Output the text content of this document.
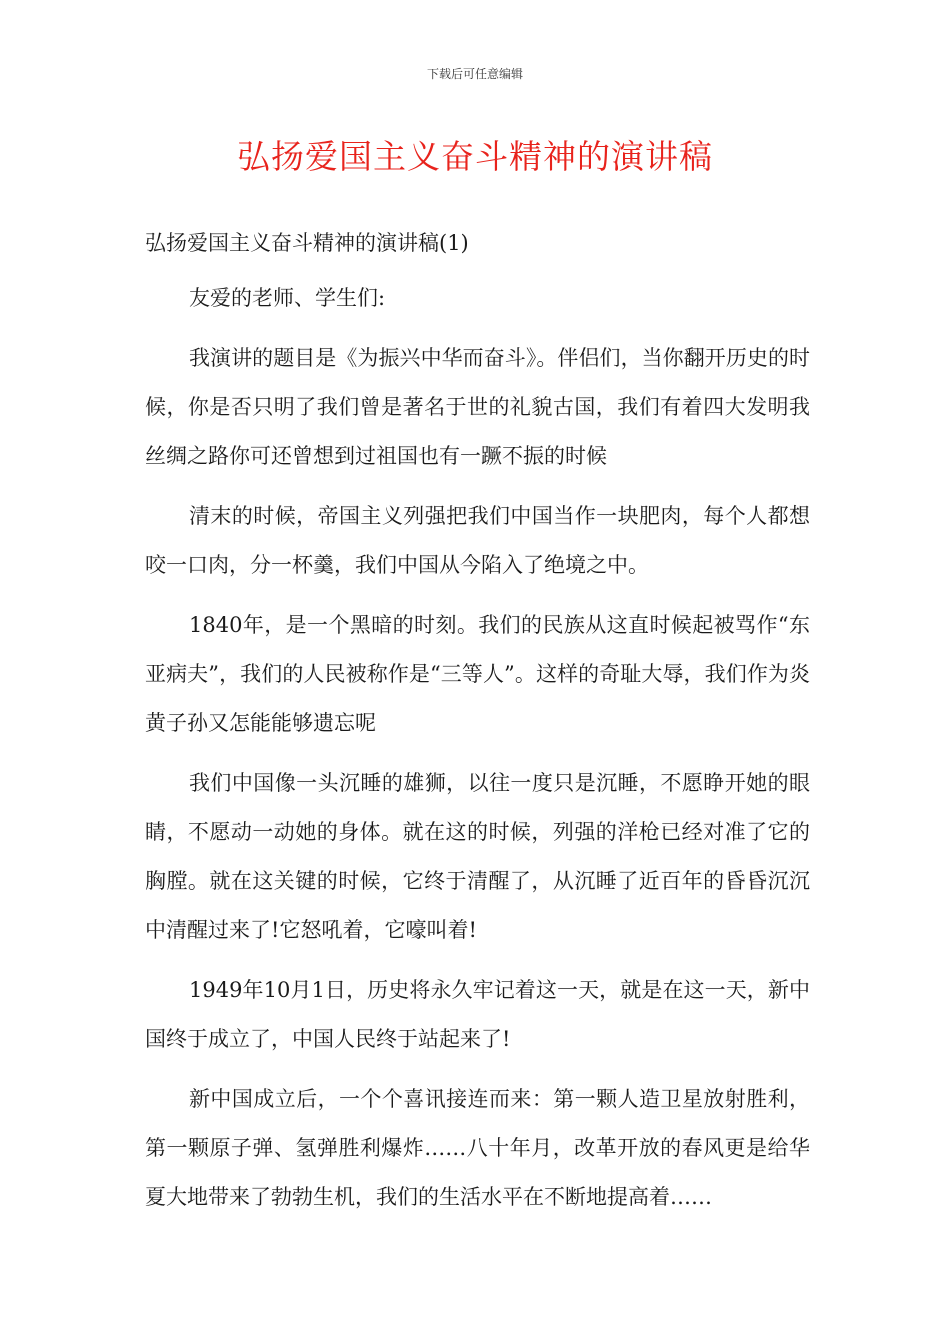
下载后可任意编辑
弘扬爱国主义奋斗精神的演讲稿

弘扬爱国主义奋斗精神的演讲稿(1)

友爱的老师、学生们:

我演讲的题目是《为振兴中华而奋斗》。伴侣们，当你翻开历史的时候，你是否只明了我们曾是著名于世的礼貌古国，我们有着四大发明我丝绸之路你可还曾想到过祖国也有一蹶不振的时候

清末的时候，帝国主义列强把我们中国当作一块肥肉，每个人都想咬一口肉，分一杯羹，我们中国从今陷入了绝境之中。

1840年，是一个黑暗的时刻。我们的民族从这直时候起被骂作“东亚病夫”，我们的人民被称作是“三等人”。这样的奇耻大辱，我们作为炎黄子孙又怎能能够遗忘呢

我们中国像一头沉睡的雄狮，以往一度只是沉睡，不愿睁开她的眼睛，不愿动一动她的身体。就在这的时候，列强的洋枪已经对准了它的胸膛。就在这关键的时候，它终于清醒了，从沉睡了近百年的昏昏沉沉中清醒过来了!它怒吼着，它嚎叫着!

1949年10月1日，历史将永久牢记着这一天，就是在这一天，新中国终于成立了，中国人民终于站起来了!

新中国成立后，一个个喜讯接连而来：第一颗人造卫星放射胜利，第一颗原子弹、氢弹胜利爆炸……八十年月，改革开放的春风更是给华夏大地带来了勃勃生机，我们的生活水平在不断地提高着……
